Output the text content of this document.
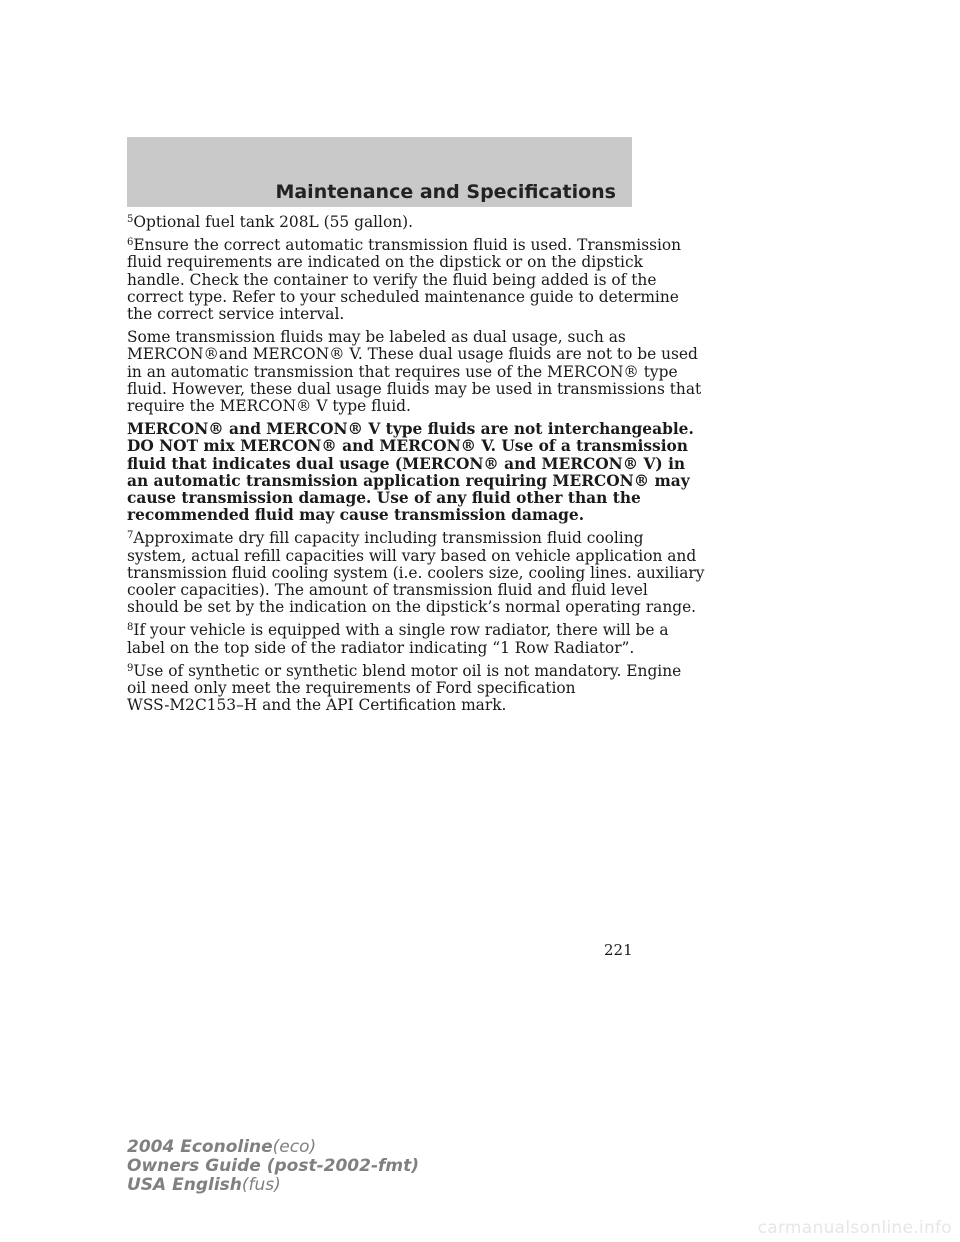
Maintenance and Specifications

$^5$Optional fuel tank 208L (55 gallon).

$^6$Ensure the correct automatic transmission fluid is used. Transmission
fluid requirements are indicated on the dipstick or on the dipstick
handle. Check the container to verify the fluid being added is of the
correct type. Refer to your scheduled maintenance guide to determine
the correct service interval.

Some transmission fluids may be labeled as dual usage, such as
MERCON®and MERCON® V. These dual usage fluids are not to be used
in an automatic transmission that requires use of the MERCON® type
fluid. However, these dual usage fluids may be used in transmissions that
require the MERCON® V type fluid.

MERCON® and MERCON® V type fluids are not interchangeable.
DO NOT mix MERCON® and MERCON® V. Use of a transmission
fluid that indicates dual usage (MERCON® and MERCON® V) in
an automatic transmission application requiring MERCON® may
cause transmission damage. Use of any fluid other than the
recommended fluid may cause transmission damage.

$^7$Approximate dry fill capacity including transmission fluid cooling
system, actual refill capacities will vary based on vehicle application and
transmission fluid cooling system (i.e. coolers size, cooling lines. auxiliary
cooler capacities). The amount of transmission fluid and fluid level
should be set by the indication on the dipstick’s normal operating range.

$^8$If your vehicle is equipped with a single row radiator, there will be a
label on the top side of the radiator indicating “1 Row Radiator”.

$^9$Use of synthetic or synthetic blend motor oil is not mandatory. Engine
oil need only meet the requirements of Ford specification
WSS-M2C153–H and the API Certification mark.

221
2004 Econoline(eco)
Owners Guide (post-2002-fmt)
USA English(fus)
carmanualsonline.info
